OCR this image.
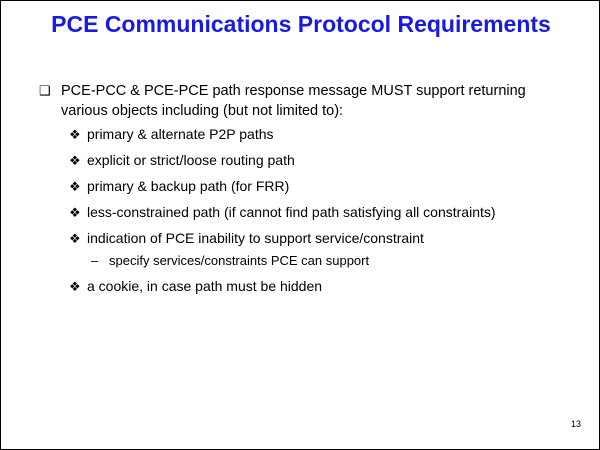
PCE Communications Protocol Requirements
❑ PCE-PCC & PCE-PCE path response message MUST support returning various objects including (but not limited to):
❖ primary & alternate P2P paths
❖ explicit or strict/loose routing path
❖ primary & backup path (for FRR)
❖ less-constrained path (if cannot find path satisfying all constraints)
❖ indication of PCE inability to support service/constraint
– specify services/constraints PCE can support
❖ a cookie, in case path must be hidden
13
